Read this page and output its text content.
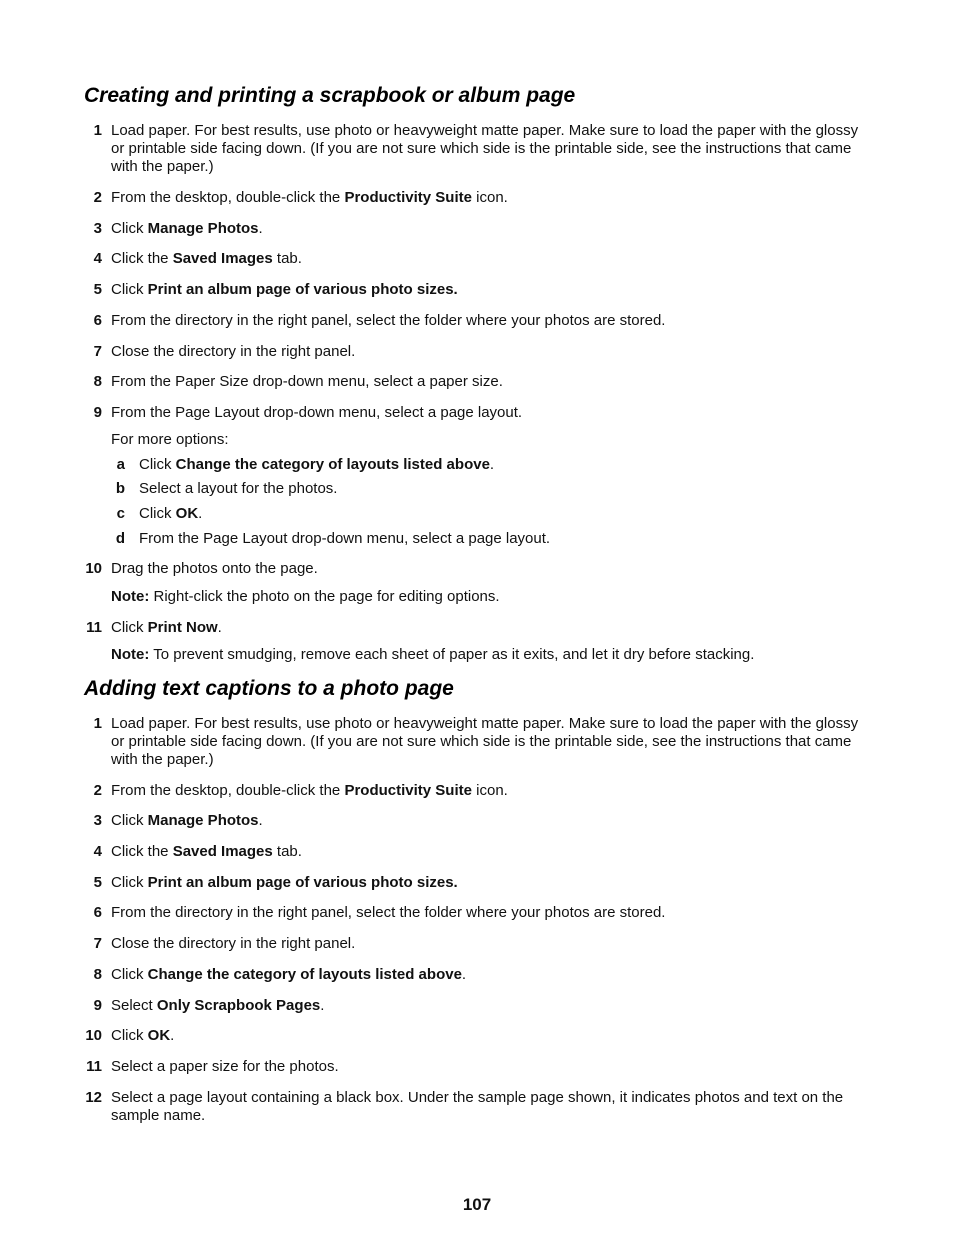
Creating and printing a scrapbook or album page
1 Load paper. For best results, use photo or heavyweight matte paper. Make sure to load the paper with the glossy or printable side facing down. (If you are not sure which side is the printable side, see the instructions that came with the paper.)
2 From the desktop, double-click the Productivity Suite icon.
3 Click Manage Photos.
4 Click the Saved Images tab.
5 Click Print an album page of various photo sizes.
6 From the directory in the right panel, select the folder where your photos are stored.
7 Close the directory in the right panel.
8 From the Paper Size drop-down menu, select a paper size.
9 From the Page Layout drop-down menu, select a page layout.
For more options:
a Click Change the category of layouts listed above.
b Select a layout for the photos.
c Click OK.
d From the Page Layout drop-down menu, select a page layout.
10 Drag the photos onto the page.
Note: Right-click the photo on the page for editing options.
11 Click Print Now.
Note: To prevent smudging, remove each sheet of paper as it exits, and let it dry before stacking.
Adding text captions to a photo page
1 Load paper. For best results, use photo or heavyweight matte paper. Make sure to load the paper with the glossy or printable side facing down. (If you are not sure which side is the printable side, see the instructions that came with the paper.)
2 From the desktop, double-click the Productivity Suite icon.
3 Click Manage Photos.
4 Click the Saved Images tab.
5 Click Print an album page of various photo sizes.
6 From the directory in the right panel, select the folder where your photos are stored.
7 Close the directory in the right panel.
8 Click Change the category of layouts listed above.
9 Select Only Scrapbook Pages.
10 Click OK.
11 Select a paper size for the photos.
12 Select a page layout containing a black box. Under the sample page shown, it indicates photos and text on the sample name.
107
